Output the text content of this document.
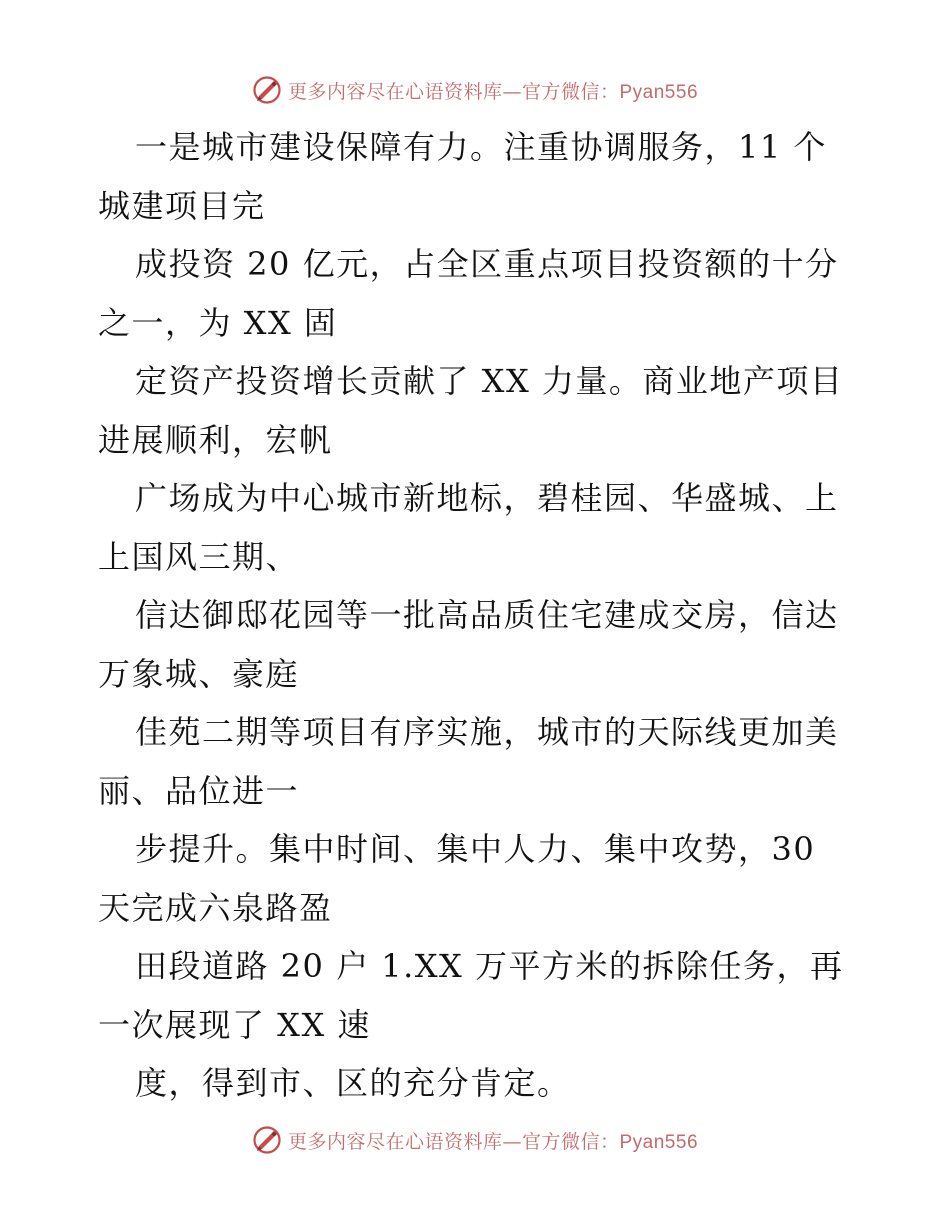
更多内容尽在心语资料库—官方微信：Pyan556
一是城市建设保障有力。注重协调服务，11 个
城建项目完
成投资 20 亿元，占全区重点项目投资额的十分
之一，为 XX 固
定资产投资增长贡献了 XX 力量。商业地产项目
进展顺利，宏帆
广场成为中心城市新地标，碧桂园、华盛城、上
上国风三期、
信达御邸花园等一批高品质住宅建成交房，信达
万象城、豪庭
佳苑二期等项目有序实施，城市的天际线更加美
丽、品位进一
步提升。集中时间、集中人力、集中攻势，30
天完成六泉路盈
田段道路 20 户 1.XX 万平方米的拆除任务，再
一次展现了 XX 速
度，得到市、区的充分肯定。
更多内容尽在心语资料库—官方微信：Pyan556
